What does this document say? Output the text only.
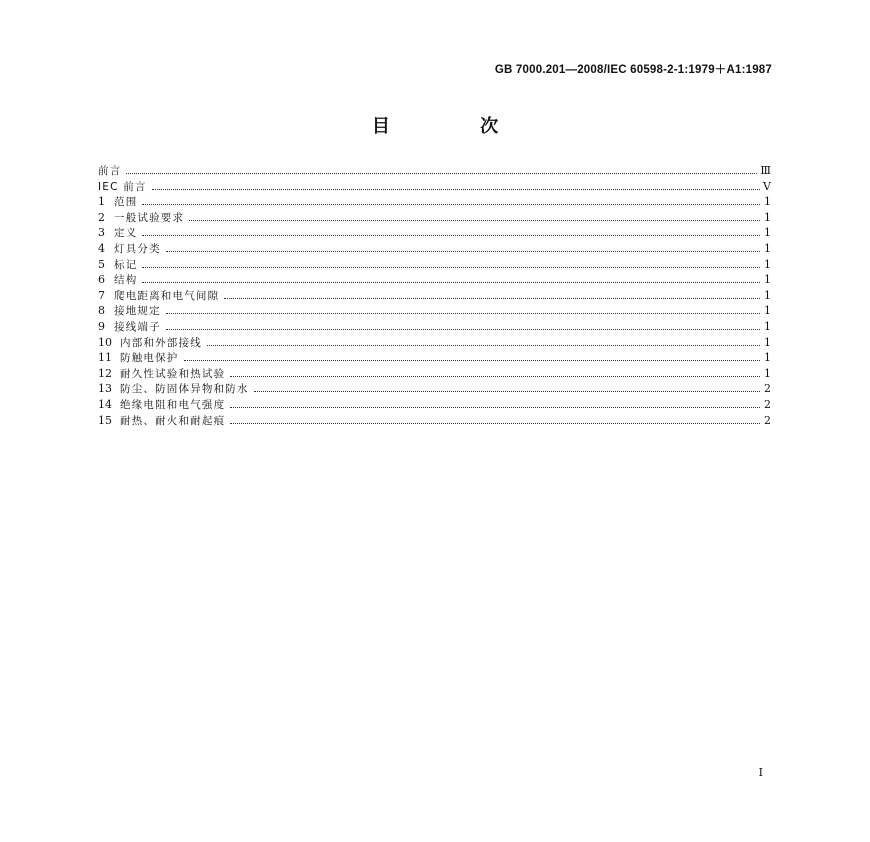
GB 7000.201—2008/IEC 60598-2-1:1979＋A1:1987
目 次
前言	Ⅲ
IEC 前言	V
1 范围	1
2 一般试验要求	1
3 定义	1
4 灯具分类	1
5 标记	1
6 结构	1
7 爬电距离和电气间隙	1
8 接地规定	1
9 接线端子	1
10 内部和外部接线	1
11 防触电保护	1
12 耐久性试验和热试验	1
13 防尘、防固体异物和防水	2
14 绝缘电阻和电气强度	2
15 耐热、耐火和耐起痕	2
I
